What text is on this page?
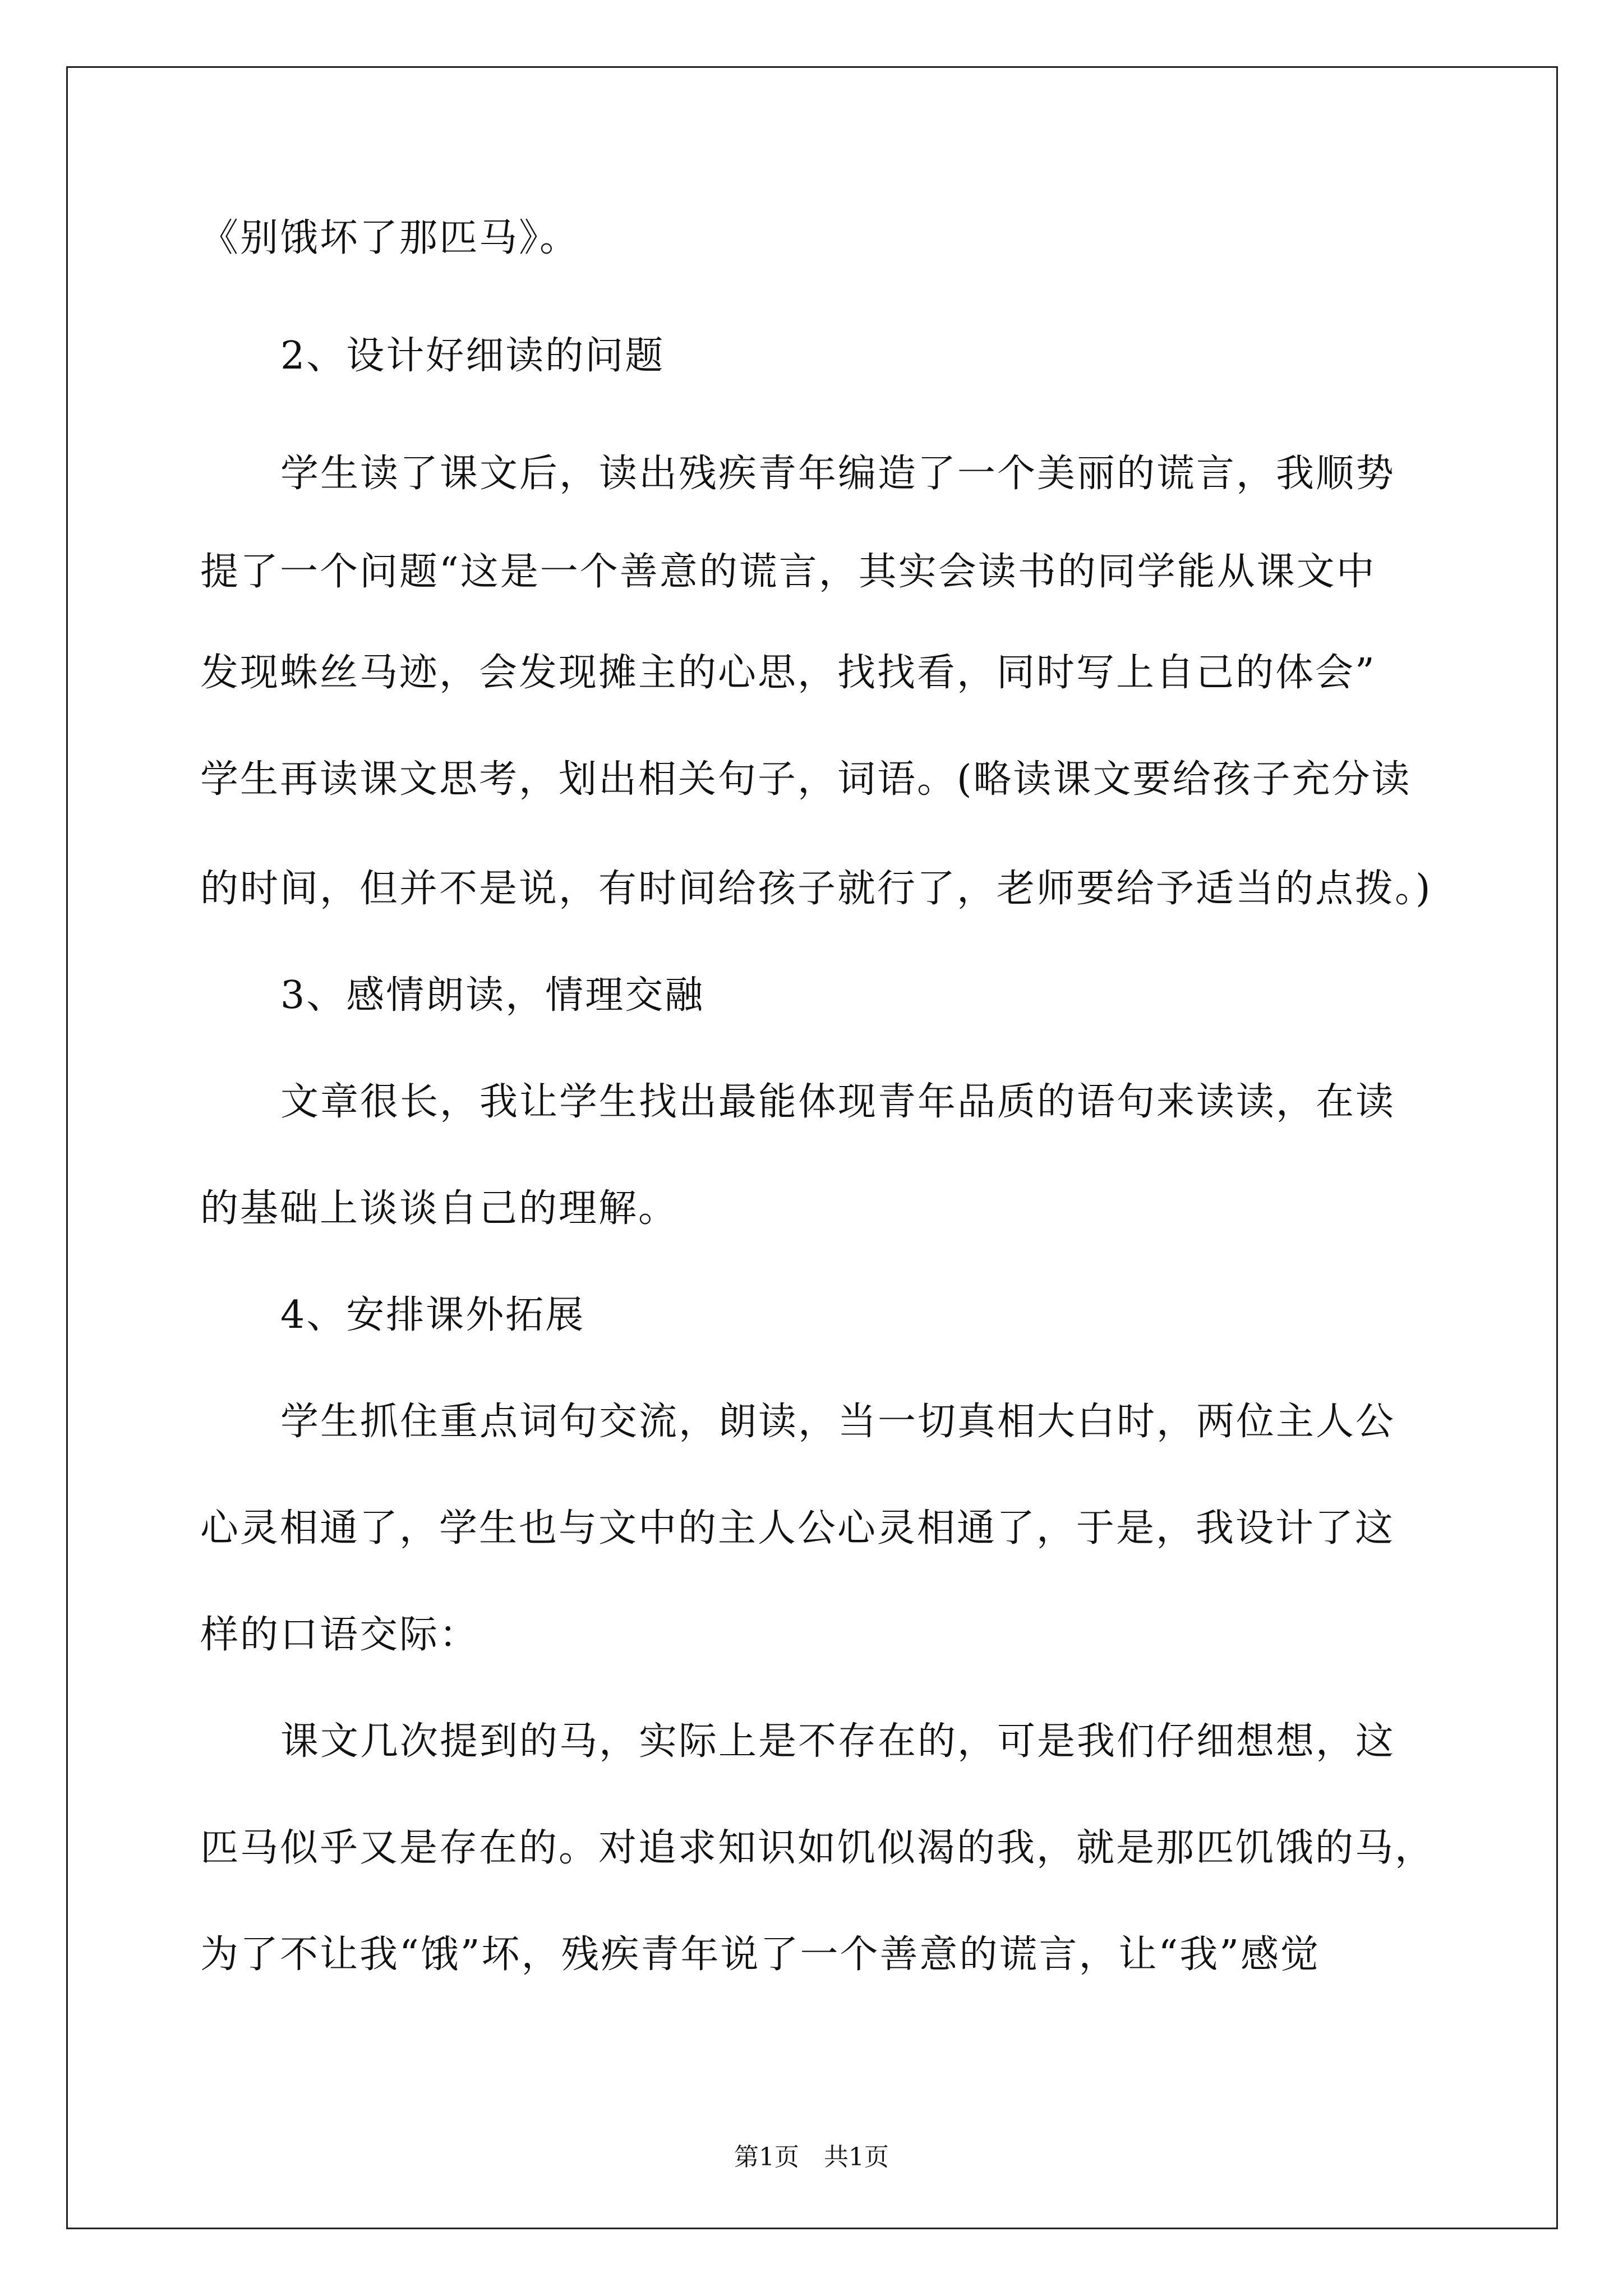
《别饿坏了那匹马》。
2、设计好细读的问题
学生读了课文后，读出残疾青年编造了一个美丽的谎言，我顺势
提了一个问题“这是一个善意的谎言，其实会读书的同学能从课文中
发现蛛丝马迹，会发现摊主的心思，找找看，同时写上自己的体会”
学生再读课文思考，划出相关句子，词语。(略读课文要给孩子充分读
的时间，但并不是说，有时间给孩子就行了，老师要给予适当的点拨。)
3、感情朗读，情理交融
文章很长，我让学生找出最能体现青年品质的语句来读读，在读
的基础上谈谈自己的理解。
4、安排课外拓展
学生抓住重点词句交流，朗读，当一切真相大白时，两位主人公
心灵相通了，学生也与文中的主人公心灵相通了，于是，我设计了这
样的口语交际：
课文几次提到的马，实际上是不存在的，可是我们仔细想想，这
匹马似乎又是存在的。对追求知识如饥似渴的我，就是那匹饥饿的马，
为了不让我“饿”坏，残疾青年说了一个善意的谎言，让“我”感觉
第1页　共1页
